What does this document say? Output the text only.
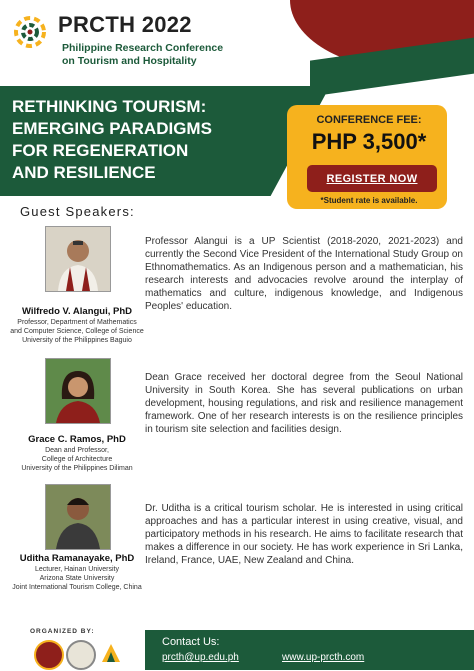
PRCTH 2022
Philippine Research Conference
on Tourism and Hospitality
RETHINKING TOURISM:
EMERGING PARADIGMS
FOR REGENERATION
AND RESILIENCE
CONFERENCE FEE:
PHP 3,500*
REGISTER NOW
*Student rate is available.
Guest Speakers:
Wilfredo V. Alangui, PhD
Professor, Department of Mathematics
and Computer Science, College of Science
University of the Philippines Baguio
Professor Alangui is a UP Scientist (2018-2020, 2021-2023) and currently the Second Vice President of the International Study Group on Ethnomathematics. As an Indigenous person and a mathematician, his research interests and advocacies revolve around the interplay of mathematics and culture, indigenous knowledge, and Indigenous Peoples' education.
Grace C. Ramos, PhD
Dean and Professor,
College of Architecture
University of the Philippines Diliman
Dean Grace received her doctoral degree from the Seoul National University in South Korea. She has several publications on urban development, housing regulations, and risk and resilience management framework. One of her research interests is on the resilience principles in tourism site selection and facilities design.
Uditha Ramanayake, PhD
Lecturer, Hainan University
Arizona State University
Joint International Tourism College, China
Dr. Uditha is a critical tourism scholar. He is interested in using critical approaches and has a particular interest in using creative, visual, and participatory methods in his research. He aims to facilitate research that makes a difference in our society. He has work experience in Sri Lanka, Ireland, France, UAE, New Zealand and China.
ORGANIZED BY:
Contact Us:
prcth@up.edu.ph	www.up-prcth.com
